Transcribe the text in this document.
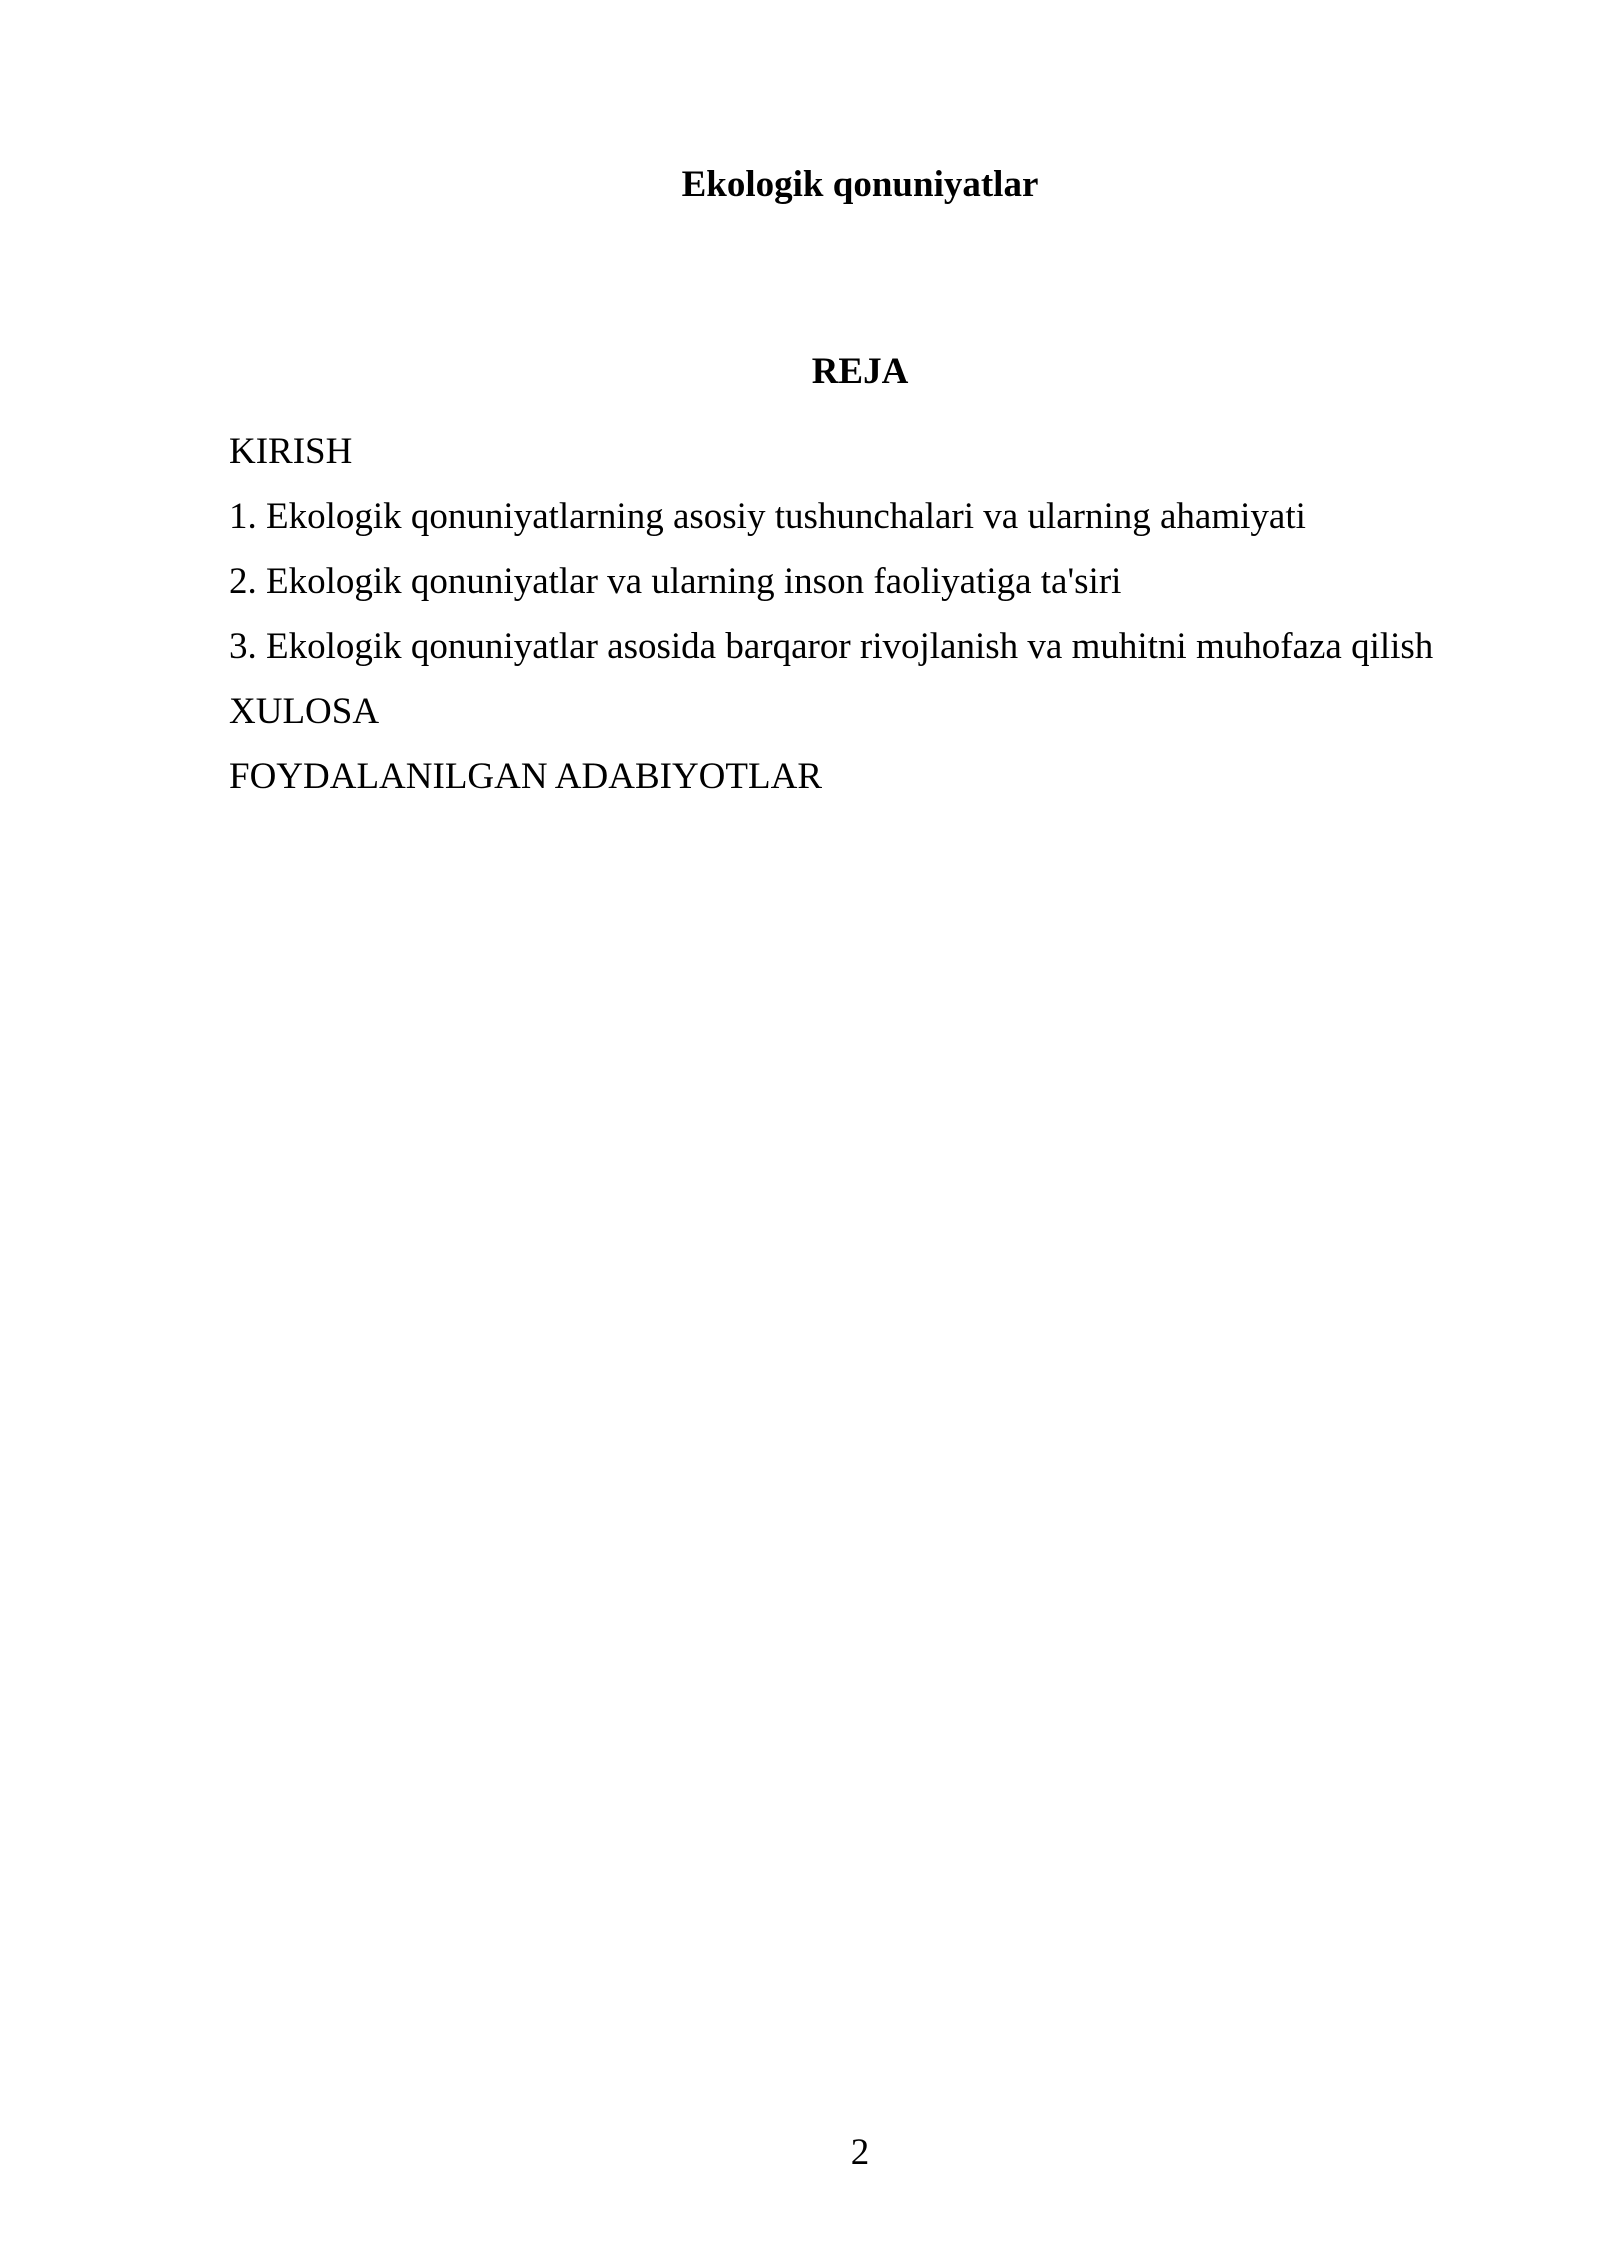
Ekologik qonuniyatlar
REJA
KIRISH
1. Ekologik qonuniyatlarning asosiy tushunchalari va ularning ahamiyati
2. Ekologik qonuniyatlar va ularning inson faoliyatiga ta'siri
3. Ekologik qonuniyatlar asosida barqaror rivojlanish va muhitni muhofaza qilish
XULOSA
FOYDALANILGAN ADABIYOTLAR

2
